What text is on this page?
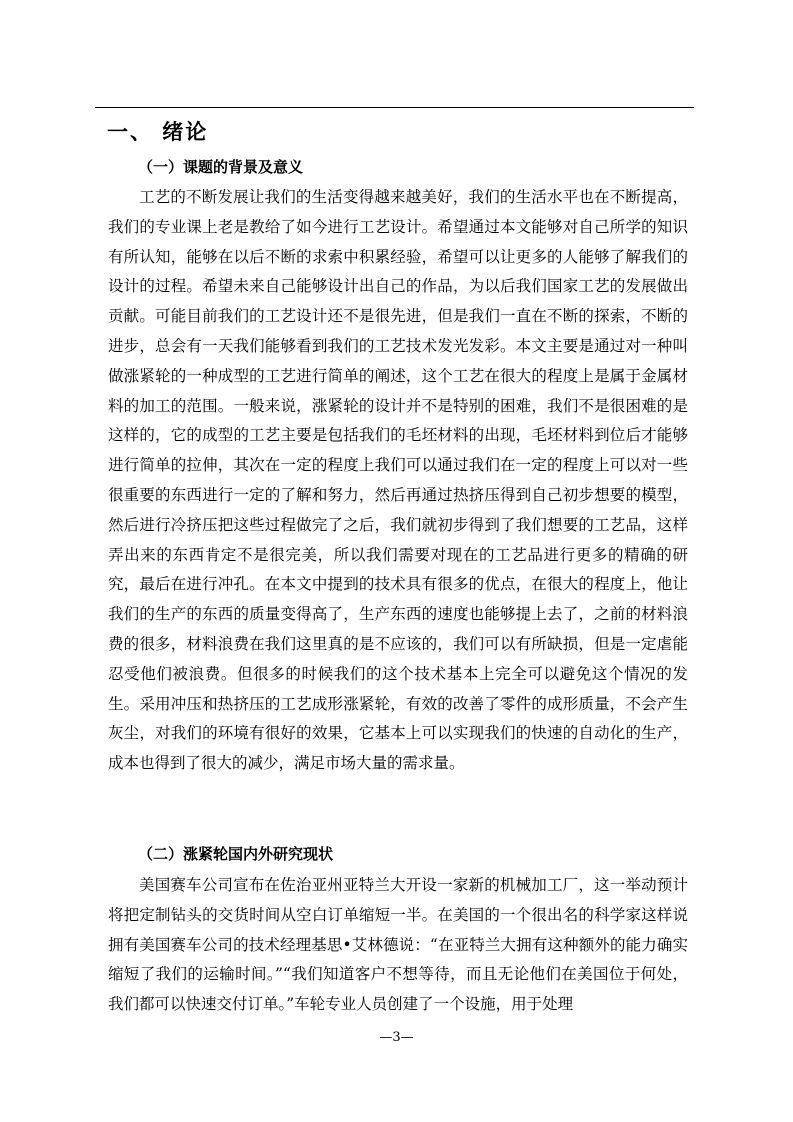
一、 绪论
（一）课题的背景及意义

工艺的不断发展让我们的生活变得越来越美好，我们的生活水平也在不断提高，我们的专业课上老是教给了如今进行工艺设计。希望通过本文能够对自己所学的知识有所认知，能够在以后不断的求索中积累经验，希望可以让更多的人能够了解我们的设计的过程。希望未来自己能够设计出自己的作品，为以后我们国家工艺的发展做出贡献。可能目前我们的工艺设计还不是很先进，但是我们一直在不断的探索，不断的进步，总会有一天我们能够看到我们的工艺技术发光发彩。本文主要是通过对一种叫做涨紧轮的一种成型的工艺进行简单的阐述，这个工艺在很大的程度上是属于金属材料的加工的范围。一般来说，涨紧轮的设计并不是特别的困难，我们不是很困难的是这样的，它的成型的工艺主要是包括我们的毛坯材料的出现，毛坯材料到位后才能够进行简单的拉伸，其次在一定的程度上我们可以通过我们在一定的程度上可以对一些很重要的东西进行一定的了解和努力，然后再通过热挤压得到自己初步想要的模型，然后进行冷挤压把这些过程做完了之后，我们就初步得到了我们想要的工艺品，这样弄出来的东西肯定不是很完美，所以我们需要对现在的工艺品进行更多的精确的研究，最后在进行冲孔。在本文中提到的技术具有很多的优点，在很大的程度上，他让我们的生产的东西的质量变得高了，生产东西的速度也能够提上去了，之前的材料浪费的很多，材料浪费在我们这里真的是不应该的，我们可以有所缺损，但是一定虐能忍受他们被浪费。但很多的时候我们的这个技术基本上完全可以避免这个情况的发生。采用冲压和热挤压的工艺成形涨紧轮，有效的改善了零件的成形质量，不会产生灰尘，对我们的环境有很好的效果，它基本上可以实现我们的快速的自动化的生产，成本也得到了很大的减少，满足市场大量的需求量。

（二）涨紧轮国内外研究现状

美国赛车公司宣布在佐治亚州亚特兰大开设一家新的机械加工厂，这一举动预计将把定制钻头的交货时间从空白订单缩短一半。在美国的一个很出名的科学家这样说拥有美国赛车公司的技术经理基思•艾林德说：“在亚特兰大拥有这种额外的能力确实缩短了我们的运输时间。”“我们知道客户不想等待，而且无论他们在美国位于何处，我们都可以快速交付订单。”车轮专业人员创建了一个设施，用于处理

—3—
